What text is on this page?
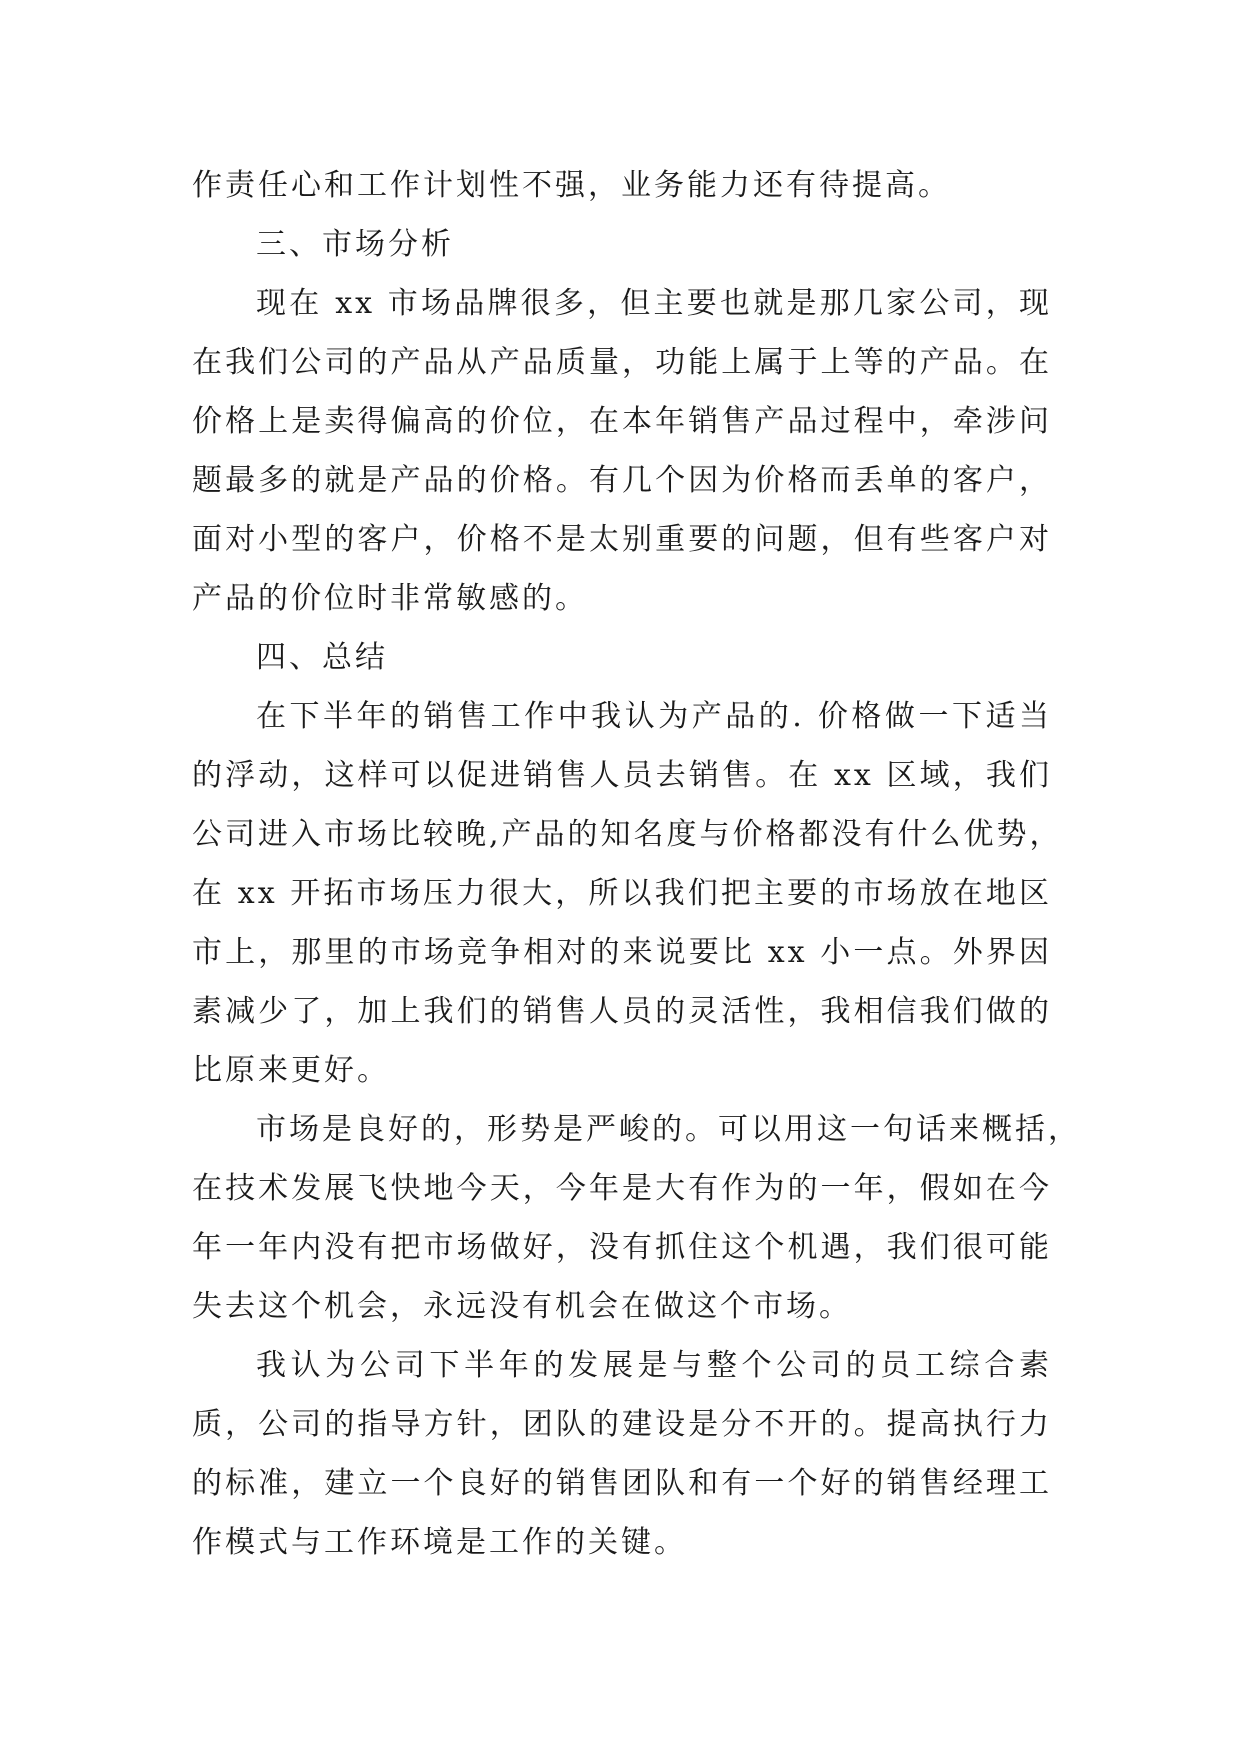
作责任心和工作计划性不强，业务能力还有待提高。
三、市场分析
现在 xx 市场品牌很多，但主要也就是那几家公司，现
在我们公司的产品从产品质量，功能上属于上等的产品。在
价格上是卖得偏高的价位，在本年销售产品过程中，牵涉问
题最多的就是产品的价格。有几个因为价格而丢单的客户，
面对小型的客户，价格不是太别重要的问题，但有些客户对
产品的价位时非常敏感的。
四、总结
在下半年的销售工作中我认为产品的. 价格做一下适当
的浮动，这样可以促进销售人员去销售。在 xx 区域，我们
公司进入市场比较晚,产品的知名度与价格都没有什么优势，
在 xx 开拓市场压力很大，所以我们把主要的市场放在地区
市上，那里的市场竞争相对的来说要比 xx 小一点。外界因
素减少了，加上我们的销售人员的灵活性，我相信我们做的
比原来更好。
市场是良好的，形势是严峻的。可以用这一句话来概括，
在技术发展飞快地今天，今年是大有作为的一年，假如在今
年一年内没有把市场做好，没有抓住这个机遇，我们很可能
失去这个机会，永远没有机会在做这个市场。
我认为公司下半年的发展是与整个公司的员工综合素
质，公司的指导方针，团队的建设是分不开的。提高执行力
的标准，建立一个良好的销售团队和有一个好的销售经理工
作模式与工作环境是工作的关键。
